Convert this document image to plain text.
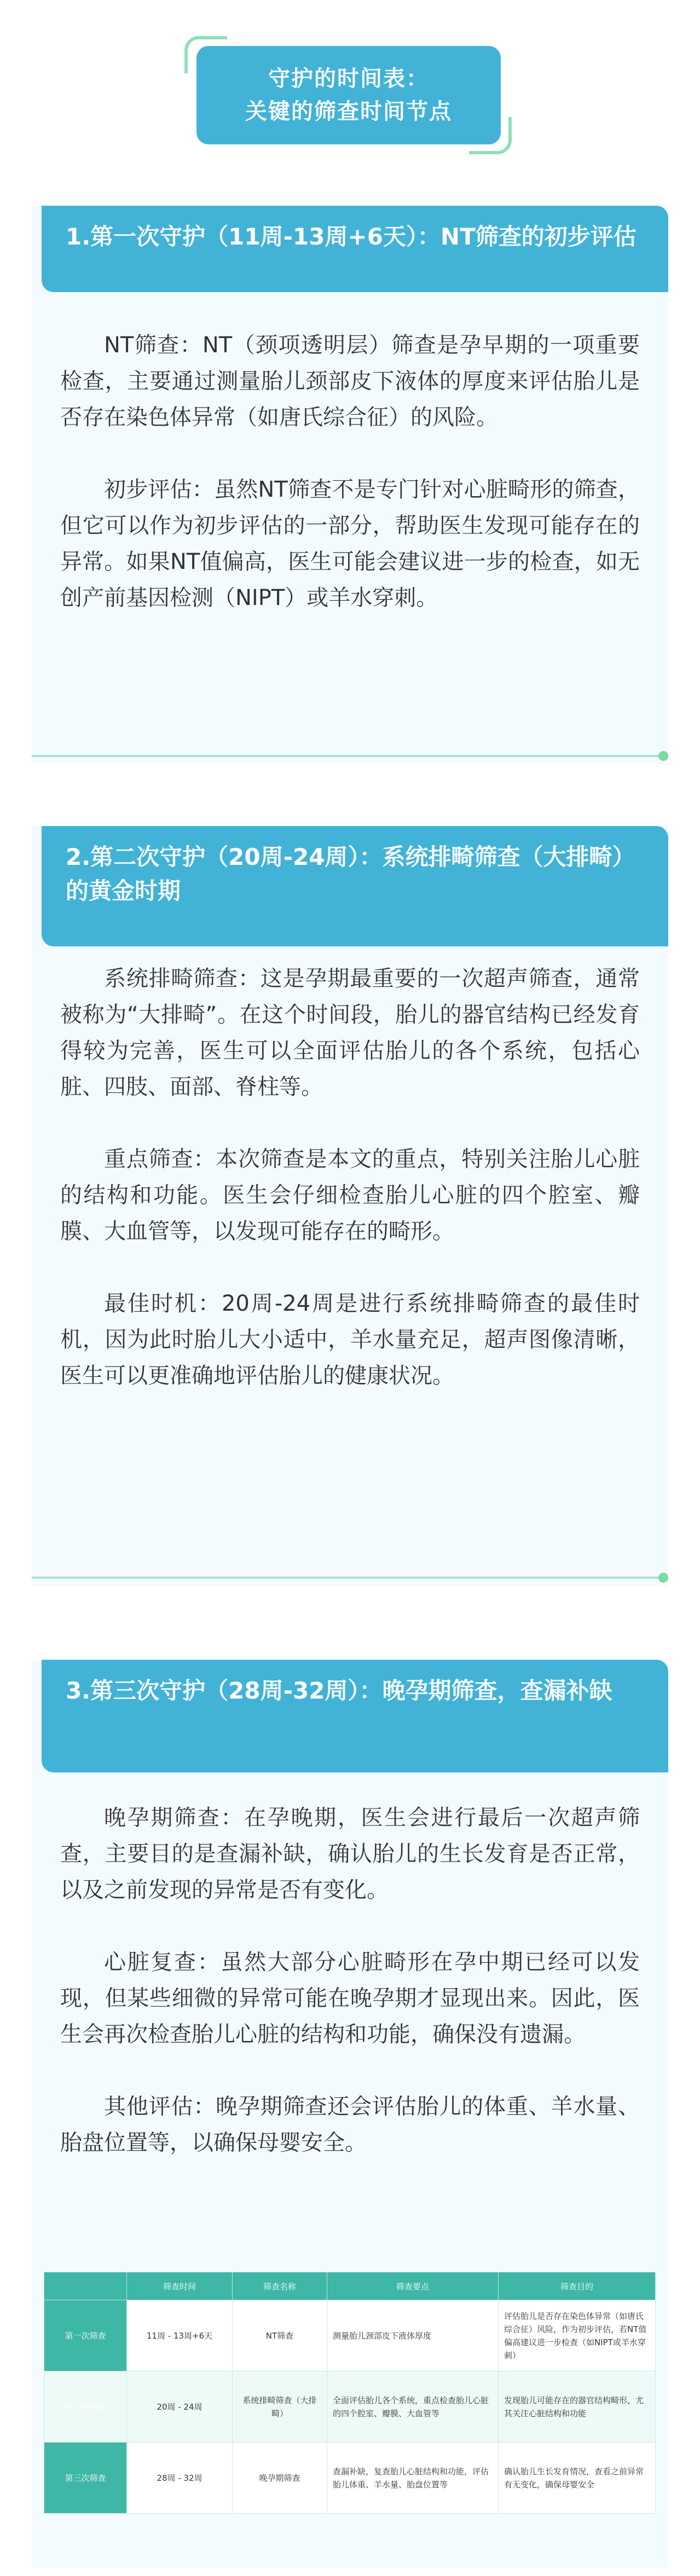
守护的时间表：
关键的筛查时间节点
1.第一次守护（11周-13周+6天）：NT筛查的初步评估

NT筛查：NT（颈项透明层）筛查是孕早期的一项重要检查，主要通过测量胎儿颈部皮下液体的厚度来评估胎儿是否存在染色体异常（如唐氏综合征）的风险。

初步评估：虽然NT筛查不是专门针对心脏畸形的筛查，但它可以作为初步评估的一部分，帮助医生发现可能存在的异常。如果NT值偏高，医生可能会建议进一步的检查，如无创产前基因检测（NIPT）或羊水穿刺。

2.第二次守护（20周-24周）：系统排畸筛查（大排畸）的黄金时期

系统排畸筛查：这是孕期最重要的一次超声筛查，通常被称为“大排畸”。在这个时间段，胎儿的器官结构已经发育得较为完善，医生可以全面评估胎儿的各个系统，包括心脏、四肢、面部、脊柱等。

重点筛查：本次筛查是本文的重点，特别关注胎儿心脏的结构和功能。医生会仔细检查胎儿心脏的四个腔室、瓣膜、大血管等，以发现可能存在的畸形。

最佳时机：20周-24周是进行系统排畸筛查的最佳时机，因为此时胎儿大小适中，羊水量充足，超声图像清晰，医生可以更准确地评估胎儿的健康状况。

3.第三次守护（28周-32周）：晚孕期筛查，查漏补缺

晚孕期筛查：在孕晚期，医生会进行最后一次超声筛查，主要目的是查漏补缺，确认胎儿的生长发育是否正常，以及之前发现的异常是否有变化。

心脏复查：虽然大部分心脏畸形在孕中期已经可以发现，但某些细微的异常可能在晚孕期才显现出来。因此，医生会再次检查胎儿心脏的结构和功能，确保没有遗漏。

其他评估：晚孕期筛查还会评估胎儿的体重、羊水量、胎盘位置等，以确保母婴安全。

	筛查时间	筛查名称	筛查要点	筛查目的
第一次筛查	11周 - 13周+6天	NT筛查	测量胎儿颈部皮下液体厚度	评估胎儿是否存在染色体异常（如唐氏综合征）风险，作为初步评估，若NT值偏高建议进一步检查（如NIPT或羊水穿刺）
第二次筛查	20周 - 24周	系统排畸筛查（大排畸）	全面评估胎儿各个系统，重点检查胎儿心脏的四个腔室、瓣膜、大血管等	发现胎儿可能存在的器官结构畸形，尤其关注心脏结构和功能
第三次筛查	28周 - 32周	晚孕期筛查	查漏补缺，复查胎儿心脏结构和功能，评估胎儿体重、羊水量、胎盘位置等	确认胎儿生长发育情况，查看之前异常有无变化，确保母婴安全
